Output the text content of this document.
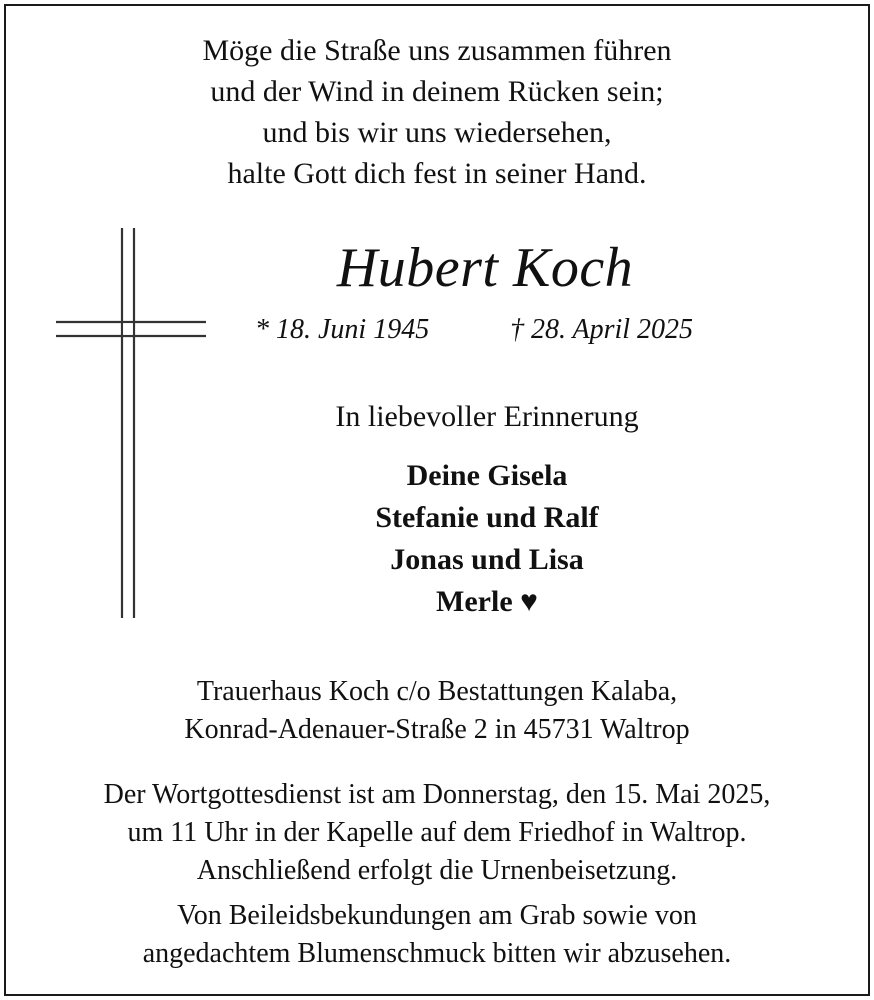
Möge die Straße uns zusammen führen
und der Wind in deinem Rücken sein;
und bis wir uns wiedersehen,
halte Gott dich fest in seiner Hand.
Hubert Koch
* 18. Juni 1945	† 28. April 2025
In liebevoller Erinnerung
Deine Gisela
Stefanie und Ralf
Jonas und Lisa
Merle ♥
Trauerhaus Koch c/o Bestattungen Kalaba,
Konrad-Adenauer-Straße 2 in 45731 Waltrop
Der Wortgottesdienst ist am Donnerstag, den 15. Mai 2025,
um 11 Uhr in der Kapelle auf dem Friedhof in Waltrop.
Anschließend erfolgt die Urnenbeisetzung.
Von Beileidsbekundungen am Grab sowie von
angedachtem Blumenschmuck bitten wir abzusehen.
